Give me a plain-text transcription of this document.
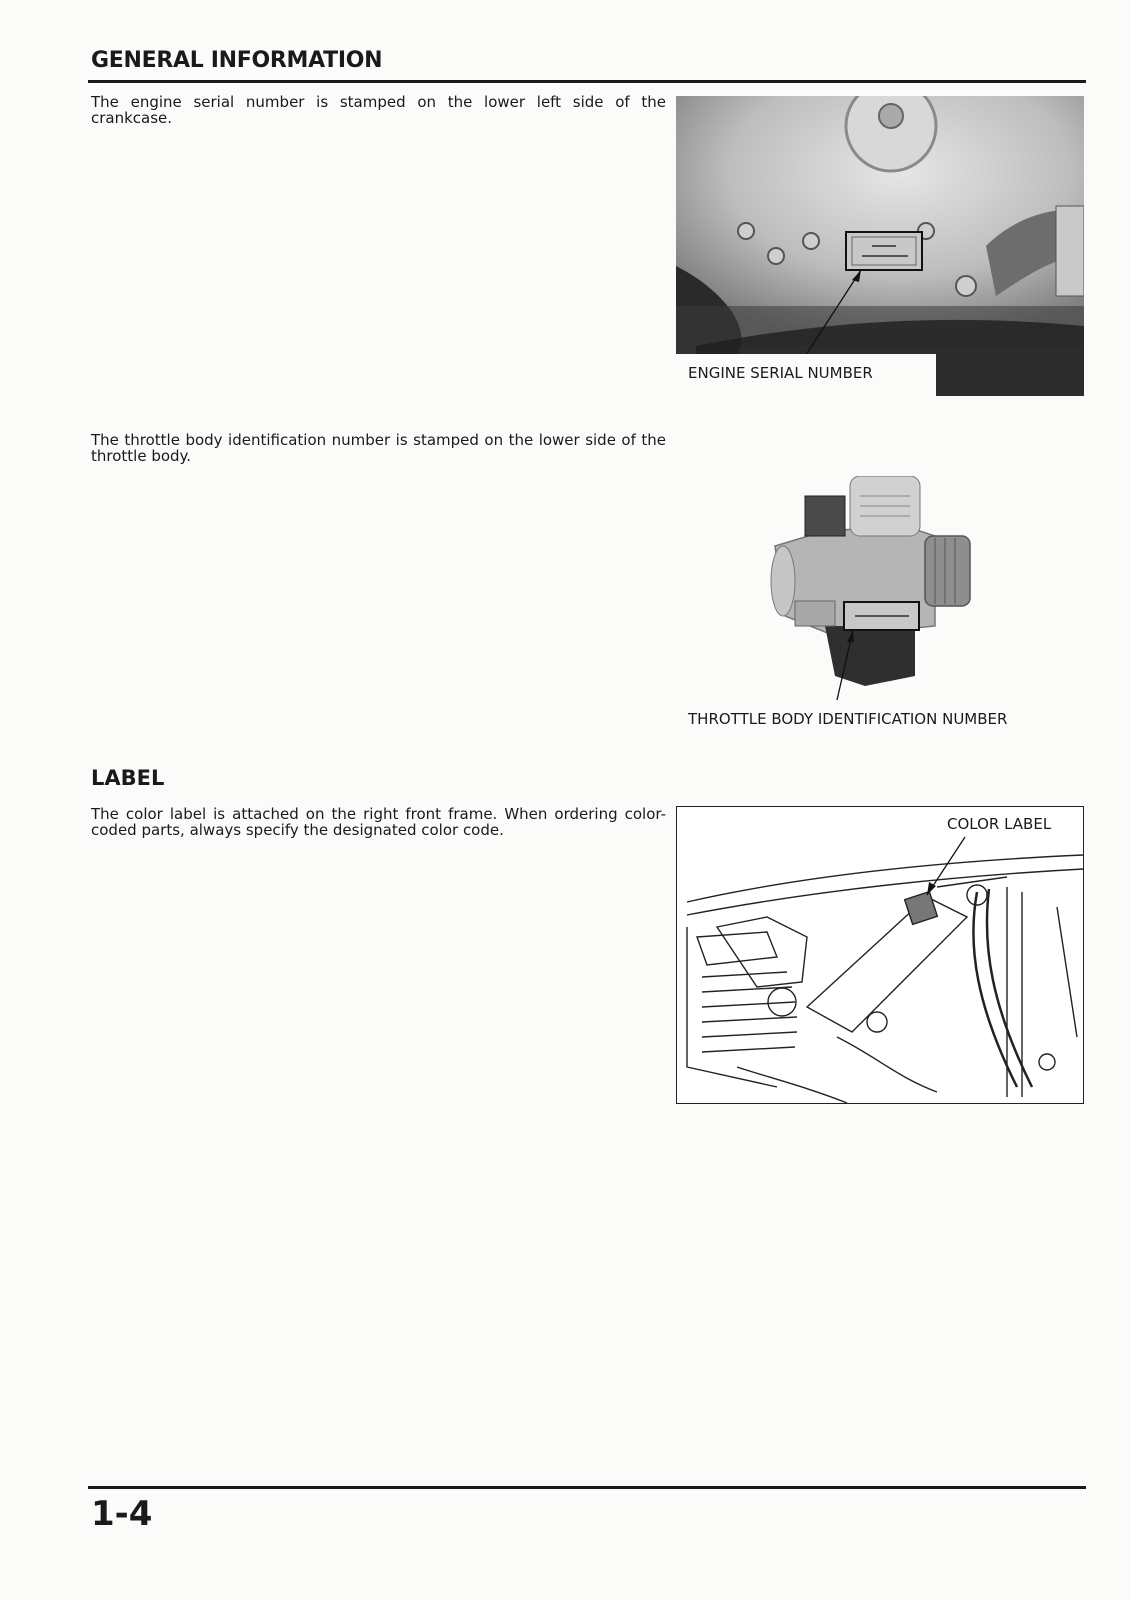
GENERAL INFORMATION
The engine serial number is stamped on the lower left side of the crankcase.
ENGINE SERIAL NUMBER
The throttle body identification number is stamped on the lower side of the throttle body.
THROTTLE BODY IDENTIFICATION NUMBER
LABEL
The color label is attached on the right front frame. When ordering color-coded parts, always specify the designated color code.	COLOR LABEL
1-4
